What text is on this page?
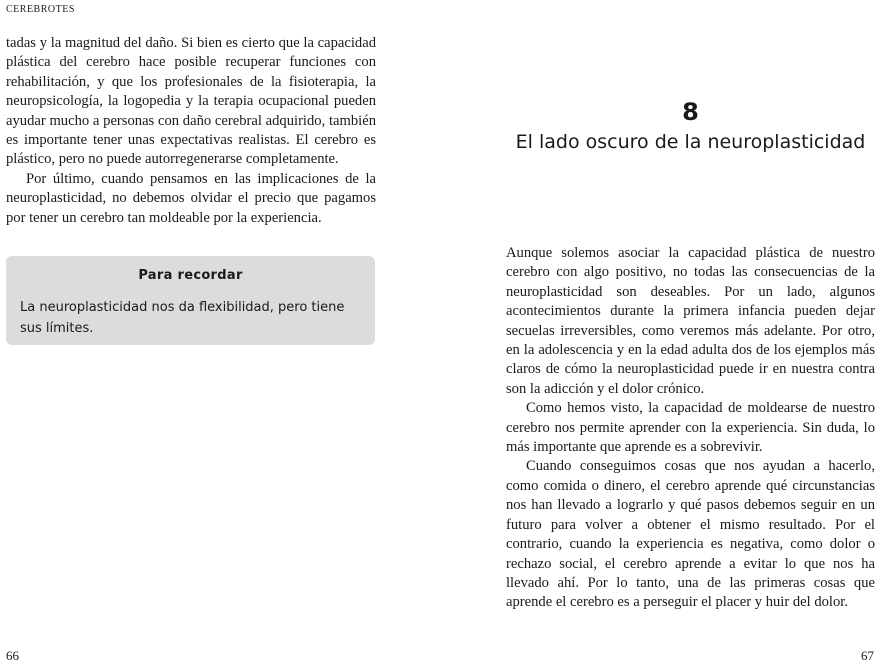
CEREBROTES

tadas y la magnitud del daño. Si bien es cierto que la capacidad plástica del cerebro hace posible recuperar funciones con rehabilitación, y que los profesionales de la fisioterapia, la neuropsicología, la logopedia y la terapia ocupacional pueden ayudar mucho a personas con daño cerebral adquirido, también es importante tener unas expectativas realistas. El cerebro es plástico, pero no puede autorregenerarse completamente.

Por último, cuando pensamos en las implicaciones de la neuroplasticidad, no debemos olvidar el precio que pagamos por tener un cerebro tan moldeable por la experiencia.

Para recordar
La neuroplasticidad nos da flexibilidad, pero tiene sus límites.
8
El lado oscuro de la neuroplasticidad

Aunque solemos asociar la capacidad plástica de nuestro cerebro con algo positivo, no todas las consecuencias de la neuroplasticidad son deseables. Por un lado, algunos acontecimientos durante la primera infancia pueden dejar secuelas irreversibles, como veremos más adelante. Por otro, en la adolescencia y en la edad adulta dos de los ejemplos más claros de cómo la neuroplasticidad puede ir en nuestra contra son la adicción y el dolor crónico.

Como hemos visto, la capacidad de moldearse de nuestro cerebro nos permite aprender con la experiencia. Sin duda, lo más importante que aprende es a sobrevivir.

Cuando conseguimos cosas que nos ayudan a hacerlo, como comida o dinero, el cerebro aprende qué circunstancias nos han llevado a lograrlo y qué pasos debemos seguir en un futuro para volver a obtener el mismo resultado. Por el contrario, cuando la experiencia es negativa, como dolor o rechazo social, el cerebro aprende a evitar lo que nos ha llevado ahí. Por lo tanto, una de las primeras cosas que aprende el cerebro es a perseguir el placer y huir del dolor.

66	67
